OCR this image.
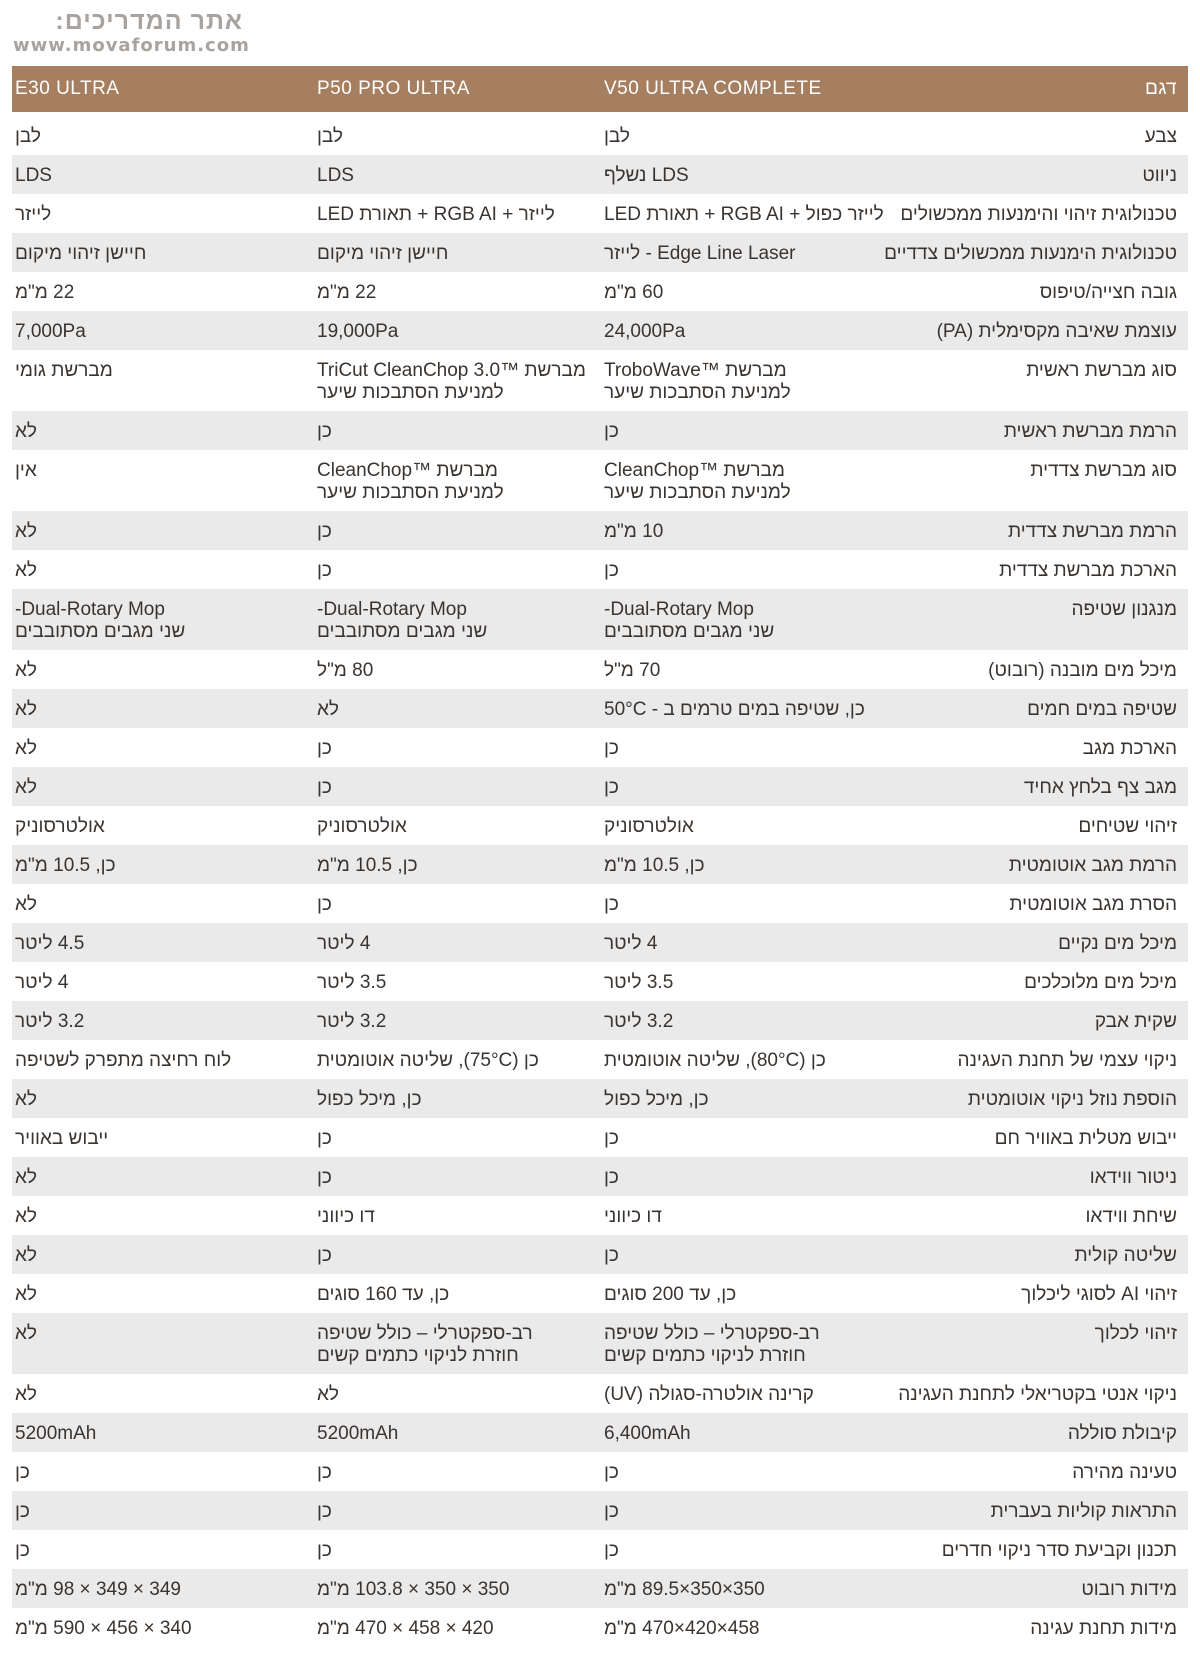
אתר המדריכים:
www.movaforum.com
דגם
V50 ULTRA COMPLETE
P50 PRO ULTRA
E30 ULTRA
צבע
לבן
לבן
לבן
ניווט
LDS נשלף
LDS
LDS
טכנולוגית זיהוי והימנעות ממכשולים
לייזר כפול + RGB AI + תאורת LED
לייזר + RGB AI + תאורת LED
לייזר
טכנולוגית הימנעות ממכשולים צדדיים
Edge Line Laser - לייזר
חיישן זיהוי מיקום
חיישן זיהוי מיקום
גובה חצייה/טיפוס
60 מ"מ
22 מ"מ
22 מ"מ
עוצמת שאיבה מקסימלית (PA)
24,000Pa
19,000Pa
7,000Pa
סוג מברשת ראשית
מברשת ™TroboWave
למניעת הסתבכות שיער
מברשת ™TriCut CleanChop 3.0
למניעת הסתבכות שיער
מברשת גומי
הרמת מברשת ראשית
כן
כן
לא
סוג מברשת צדדית
מברשת ™CleanChop
למניעת הסתבכות שיער
מברשת ™CleanChop
למניעת הסתבכות שיער
אין
הרמת מברשת צדדית
10 מ"מ
כן
לא
הארכת מברשת צדדית
כן
כן
לא
מנגנון שטיפה
Dual-Rotary Mop-
שני מגבים מסתובבים
Dual-Rotary Mop-
שני מגבים מסתובבים
Dual-Rotary Mop-
שני מגבים מסתובבים
מיכל מים מובנה (רובוט)
70 מ"ל
80 מ"ל
לא
שטיפה במים חמים
כן, שטיפה במים טרמים ב - 50°C
לא
לא
הארכת מגב
כן
כן
לא
מגב צף בלחץ אחיד
כן
כן
לא
זיהוי שטיחים
אולטרסוניק
אולטרסוניק
אולטרסוניק
הרמת מגב אוטומטית
כן, 10.5 מ"מ
כן, 10.5 מ"מ
כן, 10.5 מ"מ
הסרת מגב אוטומטית
כן
כן
לא
מיכל מים נקיים
4 ליטר
4 ליטר
4.5 ליטר
מיכל מים מלוכלכים
3.5 ליטר
3.5 ליטר
4 ליטר
שקית אבק
3.2 ליטר
3.2 ליטר
3.2 ליטר
ניקוי עצמי של תחנת העגינה
כן (80°C), שליטה אוטומטית
כן (75°C), שליטה אוטומטית
לוח רחיצה מתפרק לשטיפה
הוספת נוזל ניקוי אוטומטית
כן, מיכל כפול
כן, מיכל כפול
לא
ייבוש מטלית באוויר חם
כן
כן
ייבוש באוויר
ניטור ווידאו
כן
כן
לא
שיחת ווידאו
דו כיווני
דו כיווני
לא
שליטה קולית
כן
כן
לא
זיהוי AI לסוגי ליכלוך
כן, עד 200 סוגים
כן, עד 160 סוגים
לא
זיהוי לכלוך
רב-ספקטרלי – כולל שטיפה
חוזרת לניקוי כתמים קשים
רב-ספקטרלי – כולל שטיפה
חוזרת לניקוי כתמים קשים
לא
ניקוי אנטי בקטריאלי לתחנת העגינה
קרינה אולטרה-סגולה (UV)
לא
לא
קיבולת סוללה
6,400mAh
5200mAh
5200mAh
טעינה מהירה
כן
כן
כן
התראות קוליות בעברית
כן
כן
כן
תכנון וקביעת סדר ניקוי חדרים
כן
כן
כן
מידות רובוט
350×350×89.5 מ"מ
350 × 350 × 103.8 מ"מ
349 × 349 × 98 מ"מ
מידות תחנת עגינה
458×420×470 מ"מ
420 × 458 × 470 מ"מ
340 × 456 × 590 מ"מ
